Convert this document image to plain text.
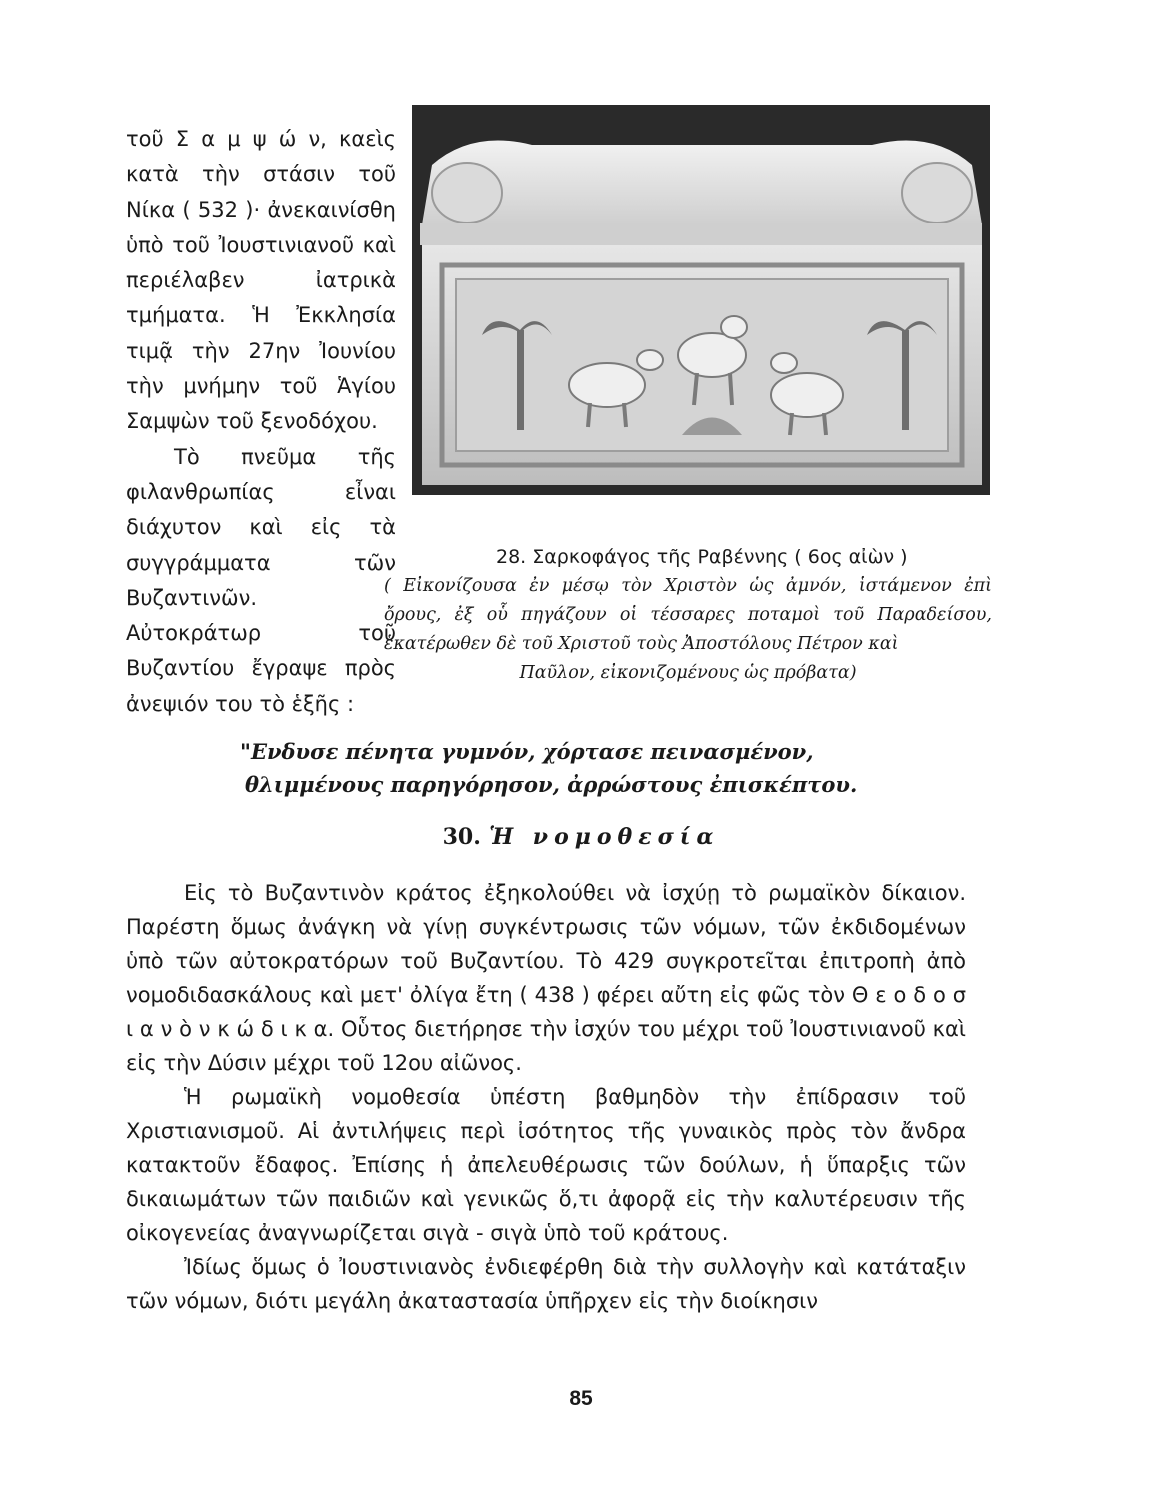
τοῦ Σ α μ ψ ώ ν, καεὶς κατὰ τὴν στάσιν τοῦ Νίκα ( 532 )· ἀνεκαινίσθη ὑπὸ τοῦ Ἰουστινιανοῦ καὶ περιέλαβεν ἰατρικὰ τμήματα. Ἡ Ἐκκλησία τιμᾷ τὴν 27ην Ἰουνίου τὴν μνήμην τοῦ Ἁγίου Σαμψὼν τοῦ ξενοδόχου.

Τὸ πνεῦμα τῆς φιλανθρωπίας εἶναι διάχυτον καὶ εἰς τὰ συγγράμματα τῶν Βυζαντινῶν. Αὐτοκράτωρ τοῦ Βυζαντίου ἔγραψε πρὸς ἀνεψιόν του τὸ ἑξῆς :

28. Σαρκοφάγος τῆς Ραβέννης ( 6ος αἰὼν )
( Εἰκονίζουσα ἐν μέσῳ τὸν Χριστὸν ὡς ἀμνόν, ἱστάμενον ἐπὶ ὄρους, ἐξ οὗ πηγάζουν οἱ τέσσαρες ποταμοὶ τοῦ Παραδείσου, ἑκατέρωθεν δὲ τοῦ Χριστοῦ τοὺς Ἀποστόλους Πέτρον καὶ
Παῦλον, εἰκονιζομένους ὡς πρόβατα)
"Ενδυσε πένητα γυμνόν, χόρτασε πεινασμένον,
θλιμμένους παρηγόρησον, ἀρρώστους ἐπισκέπτου.
30. Ἡ νομοθεσία

Εἰς τὸ Βυζαντινὸν κράτος ἐξηκολούθει νὰ ἰσχύῃ τὸ ρωμαϊκὸν δίκαιον. Παρέστη ὅμως ἀνάγκη νὰ γίνῃ συγκέντρωσις τῶν νόμων, τῶν ἐκδιδομένων ὑπὸ τῶν αὐτοκρατόρων τοῦ Βυζαντίου. Τὸ 429 συγκροτεῖται ἐπιτροπὴ ἀπὸ νομοδιδασκάλους καὶ μετ' ὀλίγα ἔτη ( 438 ) φέρει αὔτη εἰς φῶς τὸν Θ ε ο δ ο σ ι α ν ὸ ν κ ώ δ ι κ α. Οὗτος διετήρησε τὴν ἰσχύν του μέχρι τοῦ Ἰουστινιανοῦ καὶ εἰς τὴν Δύσιν μέχρι τοῦ 12ου αἰῶνος.

Ἡ ρωμαϊκὴ νομοθεσία ὑπέστη βαθμηδὸν τὴν ἐπίδρασιν τοῦ Χριστιανισμοῦ. Αἱ ἀντιλήψεις περὶ ἰσότητος τῆς γυναικὸς πρὸς τὸν ἄνδρα κατακτοῦν ἔδαφος. Ἐπίσης ἡ ἀπελευθέρωσις τῶν δούλων, ἡ ὕπαρξις τῶν δικαιωμάτων τῶν παιδιῶν καὶ γενικῶς ὅ,τι ἀφορᾷ εἰς τὴν καλυτέρευσιν τῆς οἰκογενείας ἀναγνωρίζεται σιγὰ - σιγὰ ὑπὸ τοῦ κράτους.

Ἰδίως ὅμως ὁ Ἰουστινιανὸς ἐνδιεφέρθη διὰ τὴν συλλογὴν καὶ κατάταξιν τῶν νόμων, διότι μεγάλη ἀκαταστασία ὑπῆρχεν εἰς τὴν διοίκησιν

85
